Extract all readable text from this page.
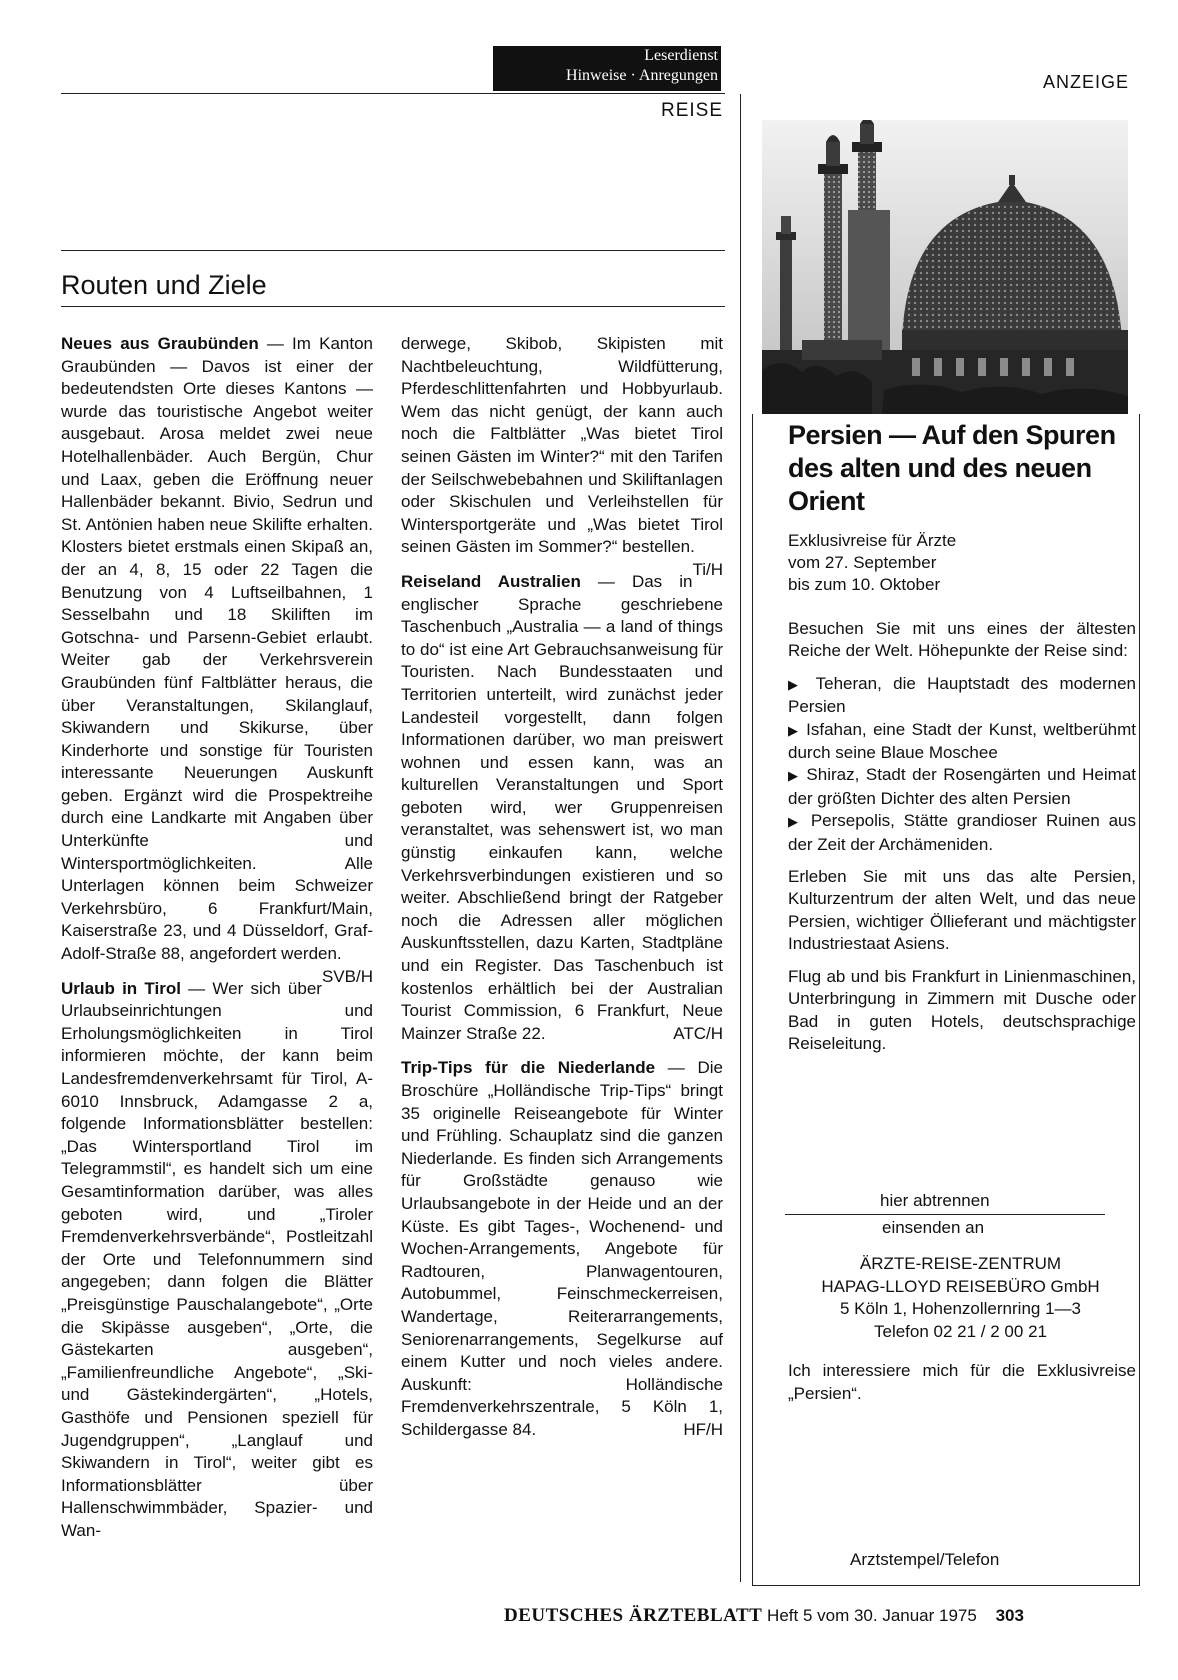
Leserdienst
Hinweise · Anregungen
REISE
ANZEIGE
Routen und Ziele

Neues aus Graubünden — Im Kanton Graubünden — Davos ist einer der bedeutendsten Orte dieses Kantons — wurde das touristische Angebot weiter ausgebaut. Arosa meldet zwei neue Hotelhallenbäder. Auch Bergün, Chur und Laax, geben die Eröffnung neuer Hallenbäder bekannt. Bivio, Sedrun und St. Antönien haben neue Skilifte erhalten. Klosters bietet erstmals einen Skipaß an, der an 4, 8, 15 oder 22 Tagen die Benutzung von 4 Luftseilbahnen, 1 Sesselbahn und 18 Skiliften im Gotschna- und Parsenn-Gebiet erlaubt. Weiter gab der Verkehrsverein Graubünden fünf Faltblätter heraus, die über Veranstaltungen, Skilanglauf, Skiwandern und Skikurse, über Kinderhorte und sonstige für Touristen interessante Neuerungen Auskunft geben. Ergänzt wird die Prospektreihe durch eine Landkarte mit Angaben über Unterkünfte und Wintersportmöglichkeiten. Alle Unterlagen können beim Schweizer Verkehrsbüro, 6 Frankfurt/Main, Kaiserstraße 23, und 4 Düsseldorf, Graf-Adolf-Straße 88, angefordert werden.
SVB/H

Urlaub in Tirol — Wer sich über Urlaubseinrichtungen und Erholungsmöglichkeiten in Tirol informieren möchte, der kann beim Landesfremdenverkehrsamt für Tirol, A-6010 Innsbruck, Adamgasse 2 a, folgende Informationsblätter bestellen: „Das Wintersportland Tirol im Telegrammstil“, es handelt sich um eine Gesamtinformation darüber, was alles geboten wird, und „Tiroler Fremdenverkehrsverbände“, Postleitzahl der Orte und Telefonnummern sind angegeben; dann folgen die Blätter „Preisgünstige Pauschalangebote“, „Orte die Skipässe ausgeben“, „Orte, die Gästekarten ausgeben“, „Familienfreundliche Angebote“, „Ski- und Gästekindergärten“, „Hotels, Gasthöfe und Pensionen speziell für Jugendgruppen“, „Langlauf und Skiwandern in Tirol“, weiter gibt es Informationsblätter über Hallenschwimmbäder, Spazier- und Wan-

derwege, Skibob, Skipisten mit Nachtbeleuchtung, Wildfütterung, Pferdeschlittenfahrten und Hobbyurlaub. Wem das nicht genügt, der kann auch noch die Faltblätter „Was bietet Tirol seinen Gästen im Winter?“ mit den Tarifen der Seilschwebebahnen und Skiliftanlagen oder Skischulen und Verleihstellen für Wintersportgeräte und „Was bietet Tirol seinen Gästen im Sommer?“ bestellen.
Ti/H

Reiseland Australien — Das in englischer Sprache geschriebene Taschenbuch „Australia — a land of things to do“ ist eine Art Gebrauchsanweisung für Touristen. Nach Bundesstaaten und Territorien unterteilt, wird zunächst jeder Landesteil vorgestellt, dann folgen Informationen darüber, wo man preiswert wohnen und essen kann, was an kulturellen Veranstaltungen und Sport geboten wird, wer Gruppenreisen veranstaltet, was sehenswert ist, wo man günstig einkaufen kann, welche Verkehrsverbindungen existieren und so weiter. Abschließend bringt der Ratgeber noch die Adressen aller möglichen Auskunftsstellen, dazu Karten, Stadtpläne und ein Register. Das Taschenbuch ist kostenlos erhältlich bei der Australian Tourist Commission, 6 Frankfurt, Neue Mainzer Straße 22.	ATC/H

Trip-Tips für die Niederlande — Die Broschüre „Holländische Trip-Tips“ bringt 35 originelle Reiseangebote für Winter und Frühling. Schauplatz sind die ganzen Niederlande. Es finden sich Arrangements für Großstädte genauso wie Urlaubsangebote in der Heide und an der Küste. Es gibt Tages-, Wochenend- und Wochen-Arrangements, Angebote für Radtouren, Planwagentouren, Autobummel, Feinschmeckerreisen, Wandertage, Reiterarrangements, Seniorenarrangements, Segelkurse auf einem Kutter und noch vieles andere. Auskunft: Holländische Fremdenverkehrszentrale, 5 Köln 1, Schildergasse 84.	HF/H

Persien — Auf den Spuren des alten und des neuen Orient
Exklusivreise für Ärzte
vom 27. September
bis zum 10. Oktober

Besuchen Sie mit uns eines der ältesten Reiche der Welt. Höhepunkte der Reise sind:

▶ Teheran, die Hauptstadt des modernen Persien
▶ Isfahan, eine Stadt der Kunst, weltberühmt durch seine Blaue Moschee
▶ Shiraz, Stadt der Rosengärten und Heimat der größten Dichter des alten Persien
▶ Persepolis, Stätte grandioser Ruinen aus der Zeit der Archämeniden.

Erleben Sie mit uns das alte Persien, Kulturzentrum der alten Welt, und das neue Persien, wichtiger Öllieferant und mächtigster Industriestaat Asiens.

Flug ab und bis Frankfurt in Linienmaschinen, Unterbringung in Zimmern mit Dusche oder Bad in guten Hotels, deutschsprachige Reiseleitung.

hier abtrennen
einsenden an
ÄRZTE-REISE-ZENTRUM
HAPAG-LLOYD REISEBÜRO GmbH
5 Köln 1, Hohenzollernring 1—3
Telefon 02 21 / 2 00 21
Ich interessiere mich für die Exklusivreise „Persien“.
Arztstempel/Telefon
DEUTSCHES ÄRZTEBLATT Heft 5 vom 30. Januar 1975 303
